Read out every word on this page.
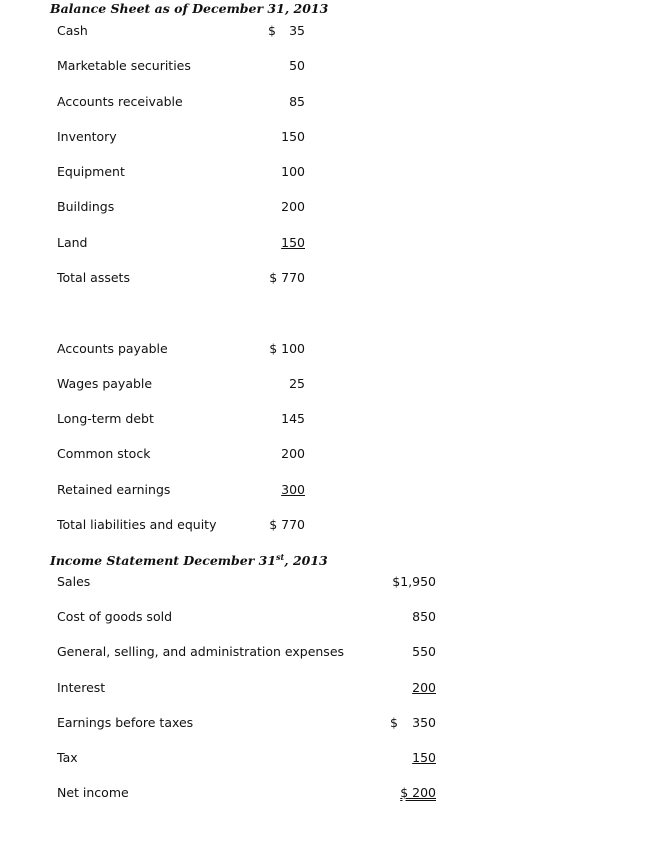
Balance Sheet as of December 31, 2013
Cash	$ 35
Marketable securities	50
Accounts receivable	85
Inventory	150
Equipment	100
Buildings	200
Land	150
Total assets	$ 770
Accounts payable	$ 100
Wages payable	25
Long-term debt	145
Common stock	200
Retained earnings	300
Total liabilities and equity	$ 770
Income Statement December 31st, 2013
Sales	$1,950
Cost of goods sold	850
General, selling, and administration expenses	550
Interest	200
Earnings before taxes	$ 350
Tax	150
Net income	$ 200
